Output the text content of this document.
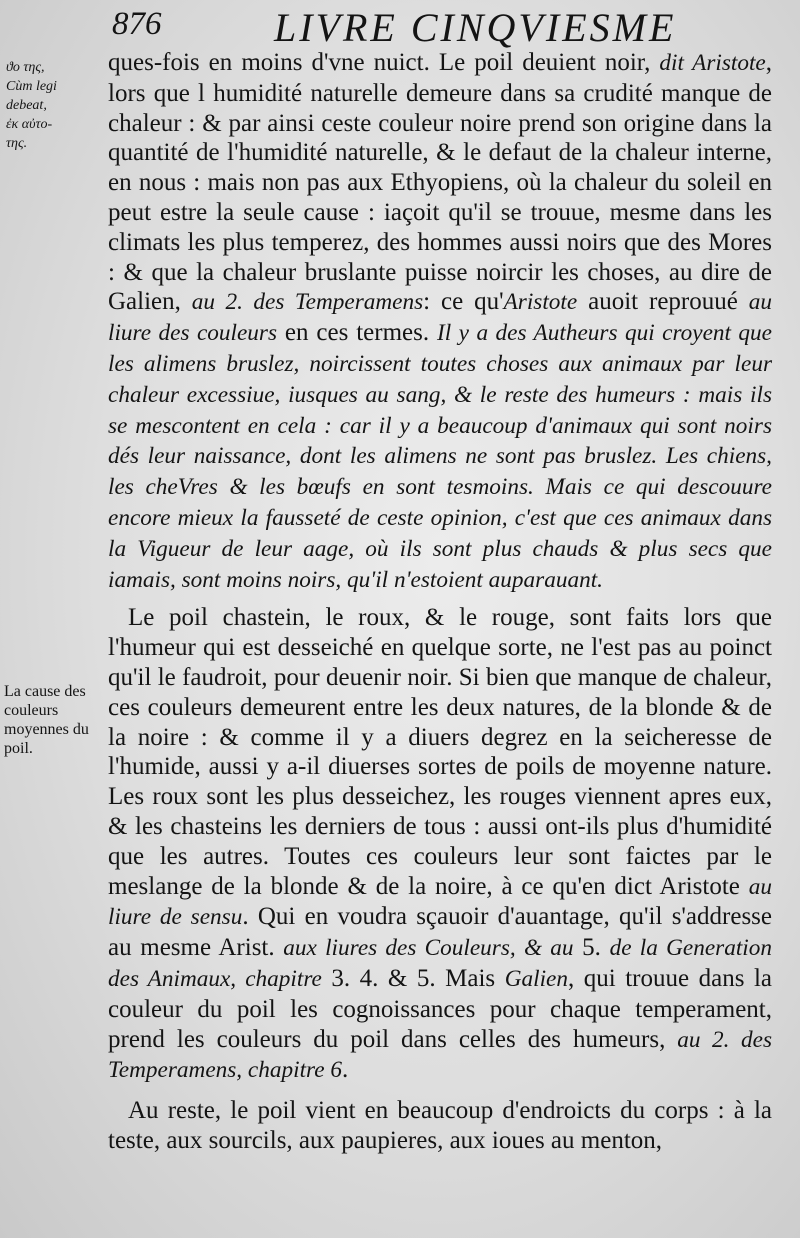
876	LIVRE CINQVIESME
ϑο της,
Cùm legi
debeat,
ἐκ αὐτο-
της.
La cause des couleurs moyennes du poil.

ques-fois en moins d'vne nuict. Le poil deuient noir, dit Aristote, lors que l humidité naturelle demeure dans sa crudité manque de chaleur : & par ainsi ceste couleur noire prend son origine dans la quantité de l'humidité naturelle, & le defaut de la chaleur interne, en nous : mais non pas aux Ethyopiens, où la chaleur du soleil en peut estre la seule cause : iaçoit qu'il se trouue, mesme dans les climats les plus temperez, des hommes aussi noirs que des Mores : & que la chaleur bruslante puisse noircir les choses, au dire de Galien, au 2. des Temperamens: ce qu'Aristote auoit reprouué au liure des couleurs en ces termes. Il y a des Autheurs qui croyent que les alimens bruslez, noircissent toutes choses aux animaux par leur chaleur excessiue, iusques au sang, & le reste des humeurs : mais ils se mescontent en cela : car il y a beaucoup d'animaux qui sont noirs dés leur naissance, dont les alimens ne sont pas bruslez. Les chiens, les cheVres & les bœufs en sont tesmoins. Mais ce qui descouure encore mieux la fausseté de ceste opinion, c'est que ces animaux dans la Vigueur de leur aage, où ils sont plus chauds & plus secs que iamais, sont moins noirs, qu'il n'estoient auparauant.

Le poil chastein, le roux, & le rouge, sont faits lors que l'humeur qui est desseiché en quelque sorte, ne l'est pas au poinct qu'il le faudroit, pour deuenir noir. Si bien que manque de chaleur, ces couleurs demeurent entre les deux natures, de la blonde & de la noire : & comme il y a diuers degrez en la seicheresse de l'humide, aussi y a-il diuerses sortes de poils de moyenne nature. Les roux sont les plus desseichez, les rouges viennent apres eux, & les chasteins les derniers de tous : aussi ont-ils plus d'humidité que les autres. Toutes ces couleurs leur sont faictes par le meslange de la blonde & de la noire, à ce qu'en dict Aristote au liure de sensu. Qui en voudra sçauoir d'auantage, qu'il s'addresse au mesme Arist. aux liures des Couleurs, & au 5. de la Generation des Animaux, chapitre 3. 4. & 5. Mais Galien, qui trouue dans la couleur du poil les cognoissances pour chaque temperament, prend les couleurs du poil dans celles des humeurs, au 2. des Temperamens, chapitre 6.

Au reste, le poil vient en beaucoup d'endroicts du corps : à la teste, aux sourcils, aux paupieres, aux ioues au menton,
